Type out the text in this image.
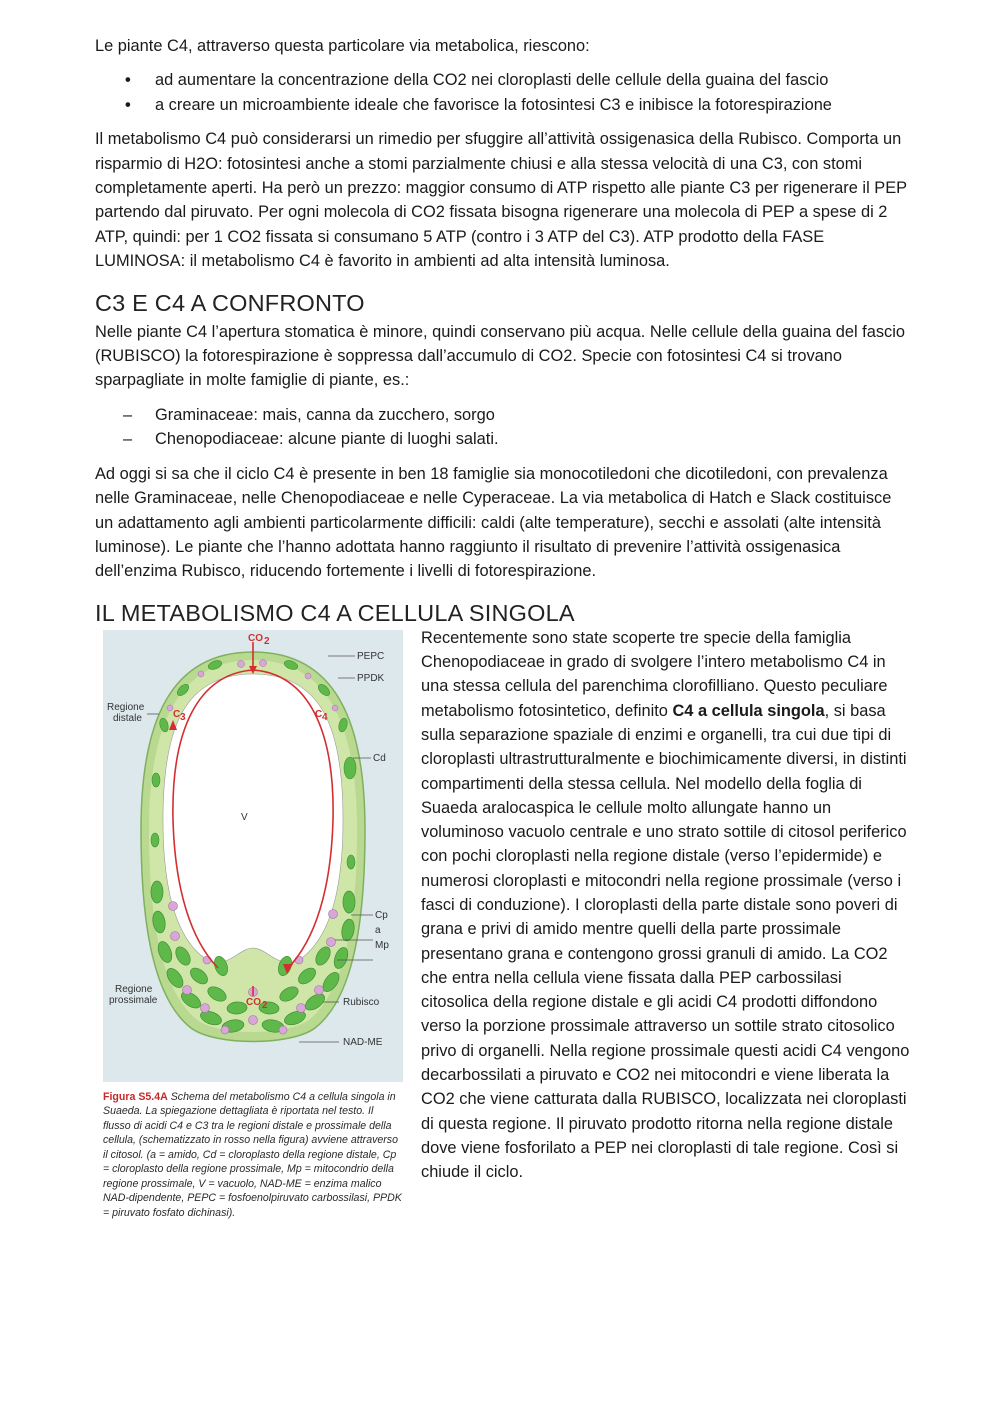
Le piante C4, attraverso questa particolare via metabolica, riescono:

• ad aumentare la concentrazione della CO2 nei cloroplasti delle cellule della guaina del fascio
• a creare un microambiente ideale che favorisce la fotosintesi C3 e inibisce la fotorespirazione

Il metabolismo C4 può considerarsi un rimedio per sfuggire all’attività ossigenasica della Rubisco. Comporta un risparmio di H2O: fotosintesi anche a stomi parzialmente chiusi e alla stessa velocità di una C3, con stomi completamente aperti. Ha però un prezzo: maggior consumo di ATP rispetto alle piante C3 per rigenerare il PEP partendo dal piruvato. Per ogni molecola di CO2 fissata bisogna rigenerare una molecola di PEP a spese di 2 ATP, quindi: per 1 CO2 fissata si consumano 5 ATP (contro i 3 ATP del C3). ATP prodotto della FASE LUMINOSA: il metabolismo C4 è favorito in ambienti ad alta intensità luminosa.

C3 E C4 A CONFRONTO

Nelle piante C4 l’apertura stomatica è minore, quindi conservano più acqua. Nelle cellule della guaina del fascio (RUBISCO) la fotorespirazione è soppressa dall’accumulo di CO2. Specie con fotosintesi C4 si trovano sparpagliate in molte famiglie di piante, es.:

– Graminaceae: mais, canna da zucchero, sorgo
– Chenopodiaceae: alcune piante di luoghi salati.

Ad oggi si sa che il ciclo C4 è presente in ben 18 famiglie sia monocotiledoni che dicotiledoni, con prevalenza nelle Graminaceae, nelle Chenopodiaceae e nelle Cyperaceae. La via metabolica di Hatch e Slack costituisce un adattamento agli ambienti particolarmente difficili: caldi (alte temperature), secchi e assolati (alte intensità luminose). Le piante che l’hanno adottata hanno raggiunto il risultato di prevenire l’attività ossigenasica dell’enzima Rubisco, riducendo fortemente i livelli di fotorespirazione.

IL METABOLISMO C4 A CELLULA SINGOLA
CO 2
PEPC
PPDK
Regione
distale	C 3	C 4
Cd
V
Cp
a
Mp
Rubisco
Regione
prossimale	CO 2
NAD-ME
Figura S5.4A Schema del metabolismo C4 a cellula singola in Suaeda. La spiegazione dettagliata è riportata nel testo. Il flusso di acidi C4 e C3 tra le regioni distale e prossimale della cellula, (schematizzato in rosso nella figura) avviene attraverso il citosol. (a = amido, Cd = cloroplasto della regione distale, Cp = cloroplasto della regione prossimale, Mp = mitocondrio della regione prossimale, V = vacuolo, NAD-ME = enzima malico NAD-dipendente, PEPC = fosfoenolpiruvato carbossilasi, PPDK = piruvato fosfato dichinasi).

Recentemente sono state scoperte tre specie della famiglia Chenopodiaceae in grado di svolgere l’intero metabolismo C4 in una stessa cellula del parenchima clorofilliano. Questo peculiare metabolismo fotosintetico, definito C4 a cellula singola, si basa sulla separazione spaziale di enzimi e organelli, tra cui due tipi di cloroplasti ultrastrutturalmente e biochimicamente diversi, in distinti compartimenti della stessa cellula. Nel modello della foglia di Suaeda aralocaspica le cellule molto allungate hanno un voluminoso vacuolo centrale e uno strato sottile di citosol periferico con pochi cloroplasti nella regione distale (verso l’epidermide) e numerosi cloroplasti e mitocondri nella regione prossimale (verso i fasci di conduzione). I cloroplasti della parte distale sono poveri di grana e privi di amido mentre quelli della parte prossimale presentano grana e contengono grossi granuli di amido. La CO2 che entra nella cellula viene fissata dalla PEP carbossilasi citosolica della regione distale e gli acidi C4 prodotti diffondono verso la porzione prossimale attraverso un sottile strato citosolico privo di organelli. Nella regione prossimale questi acidi C4 vengono decarbossilati a piruvato e CO2 nei mitocondri e viene liberata la CO2 che viene catturata dalla RUBISCO, localizzata nei cloroplasti di questa regione. Il piruvato prodotto ritorna nella regione distale dove viene fosforilato a PEP nei cloroplasti di tale regione. Così si chiude il ciclo.
